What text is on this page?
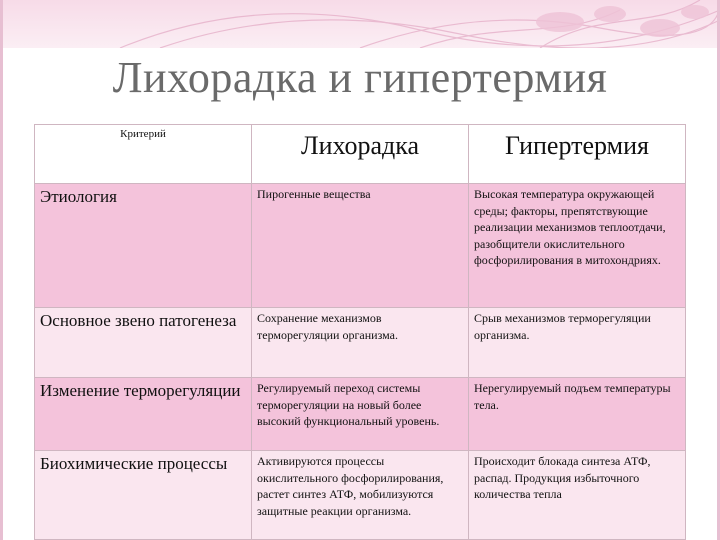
Лихорадка и гипертермия
Критерий	Лихорадка	Гипертермия
Этиология	Пирогенные вещества	Высокая температура окружающей среды; факторы, препятствующие реализации механизмов теплоотдачи, разобщители окислительного фосфорилирования в митохондриях.
Основное звено патогенеза	Сохранение механизмов терморегуляции организма.	Срыв механизмов терморегуляции организма.
Изменение терморегуляции	Регулируемый переход системы терморегуляции на новый более высокий функциональный уровень.	Нерегулируемый подъем температуры тела.
Биохимические процессы	Активируются процессы окислительного фосфорилирования, растет синтез АТФ, мобилизуются защитные реакции организма.	Происходит блокада синтеза АТФ, распад. Продукция избыточного количества тепла
